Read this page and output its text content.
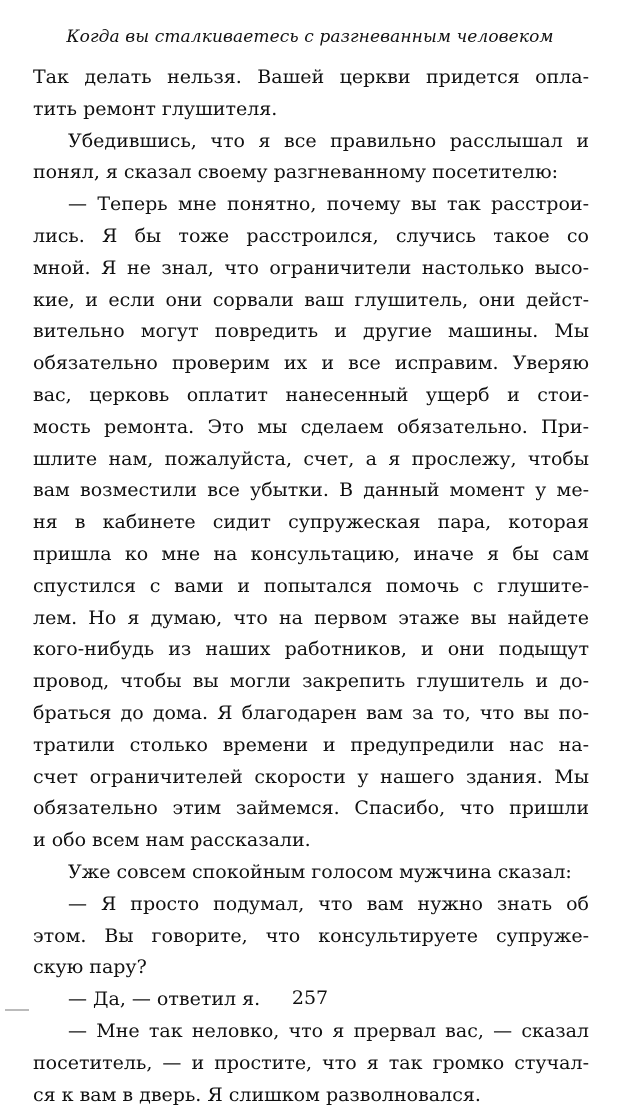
Когда вы сталкиваетесь с разгневанным человеком
Так делать нельзя. Вашей церкви придется опла-
тить ремонт глушителя.
Убедившись, что я все правильно расслышал и
понял, я сказал своему разгневанному посетителю:
— Теперь мне понятно, почему вы так расстрои-
лись. Я бы тоже расстроился, случись такое со
мной. Я не знал, что ограничители настолько высо-
кие, и если они сорвали ваш глушитель, они дейст-
вительно могут повредить и другие машины. Мы
обязательно проверим их и все исправим. Уверяю
вас, церковь оплатит нанесенный ущерб и стои-
мость ремонта. Это мы сделаем обязательно. При-
шлите нам, пожалуйста, счет, а я прослежу, чтобы
вам возместили все убытки. В данный момент у ме-
ня в кабинете сидит супружеская пара, которая
пришла ко мне на консультацию, иначе я бы сам
спустился с вами и попытался помочь с глушите-
лем. Но я думаю, что на первом этаже вы найдете
кого-нибудь из наших работников, и они подыщут
провод, чтобы вы могли закрепить глушитель и до-
браться до дома. Я благодарен вам за то, что вы по-
тратили столько времени и предупредили нас на-
счет ограничителей скорости у нашего здания. Мы
обязательно этим займемся. Спасибо, что пришли
и обо всем нам рассказали.
Уже совсем спокойным голосом мужчина сказал:
— Я просто подумал, что вам нужно знать об
этом. Вы говорите, что консультируете супруже-
скую пару?
— Да, — ответил я.
— Мне так неловко, что я прервал вас, — сказал
посетитель, — и простите, что я так громко стучал-
ся к вам в дверь. Я слишком разволновался.
257
